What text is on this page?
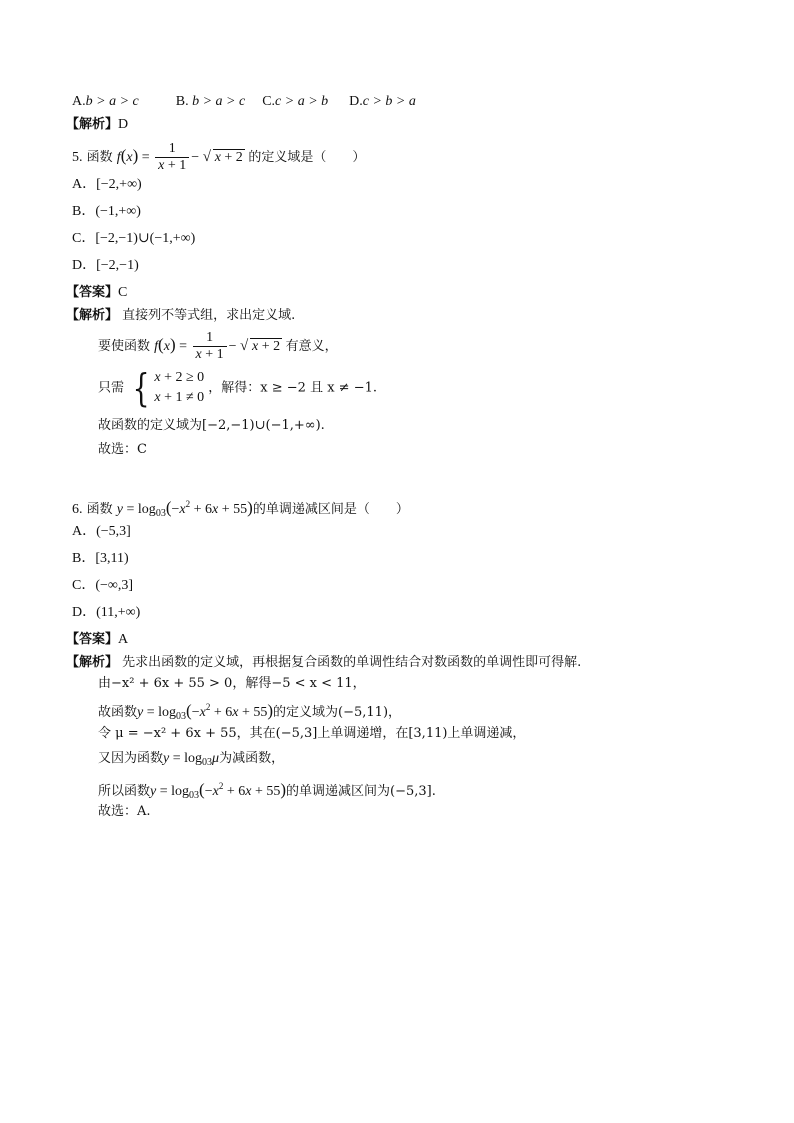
A.b > a > c	B. b > a > c C.c > a > b D.c > b > a
【解析】D
5. 函数 $f(x) = \frac{1}{x + 1}$ − √ x + 2 的定义域是（　　）
A．[−2,+∞)
B．(−1,+∞)
C．[−2,−1)∪(−1,+∞)
D．[−2,−1)
【答案】C
【解析】 直接列不等式组，求出定义域.
要使函数 $f(x) = \frac{1}{x + 1}$ − √ x + 2 有意义，
只需 { x + 2 ≥ 0
x + 1 ≠ 0
，解得：x ≥ −2 且 x ≠ −1.
故函数的定义域为[−2,−1)∪(−1,+∞).
故选：C
6. 函数 $y = \log_{03}(-x^2 + 6x + 55)$的单调递减区间是（　　）
A．(−5,3]
B．[3,11)
C．(−∞,3]
D．(11,+∞)
【答案】A
【解析】 先求出函数的定义域，再根据复合函数的单调性结合对数函数的单调性即可得解.
由−x² + 6x + 55 > 0，解得−5 < x < 11，
故函数$y = \log_{03}(-x^2 + 6x + 55)$的定义域为(−5,11)，
令 μ = −x² + 6x + 55，其在(−5,3]上单调递增，在[3,11)上单调递减，
又因为函数$y = \log_{03}\mu$为减函数，
所以函数$y = \log_{03}(-x^2 + 6x + 55)$的单调递减区间为(−5,3].
故选：A.
